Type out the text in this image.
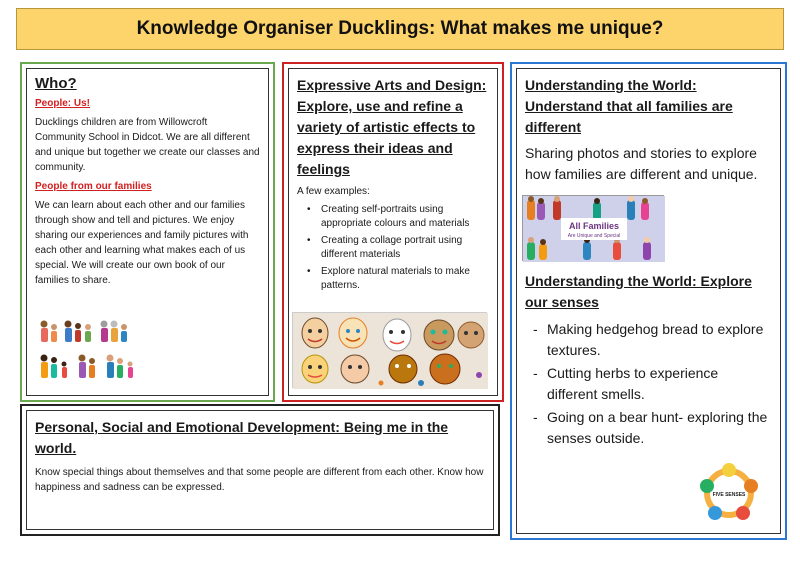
Knowledge Organiser Ducklings: What makes me unique?
Who?
People: Us!

Ducklings children are from Willowcroft Community School in Didcot. We are all different and unique but together we create our classes and community.

People from our families

We can learn about each other and our families through show and tell and pictures. We enjoy sharing our experiences and family pictures with each other and learning what makes each of us special. We will create our own book of our families to share.

Expressive Arts and Design: Explore, use and refine a variety of artistic effects to express their ideas and feelings
A few examples:
• Creating self-portraits using appropriate colours and materials
• Creating a collage portrait using different materials
• Explore natural materials to make patterns.
Understanding the World: Understand that all families are different

Sharing photos and stories to explore how families are different and unique.

Understanding the World: Explore our senses
- Making hedgehog bread to explore textures.
- Cutting herbs to experience different smells.
- Going on a bear hunt- exploring the senses outside.
All Families
Are Unique and Special
FIVE SENSES
Personal, Social and Emotional Development: Being me in the world.

Know special things about themselves and that some people are different from each other. Know how happiness and sadness can be expressed.
